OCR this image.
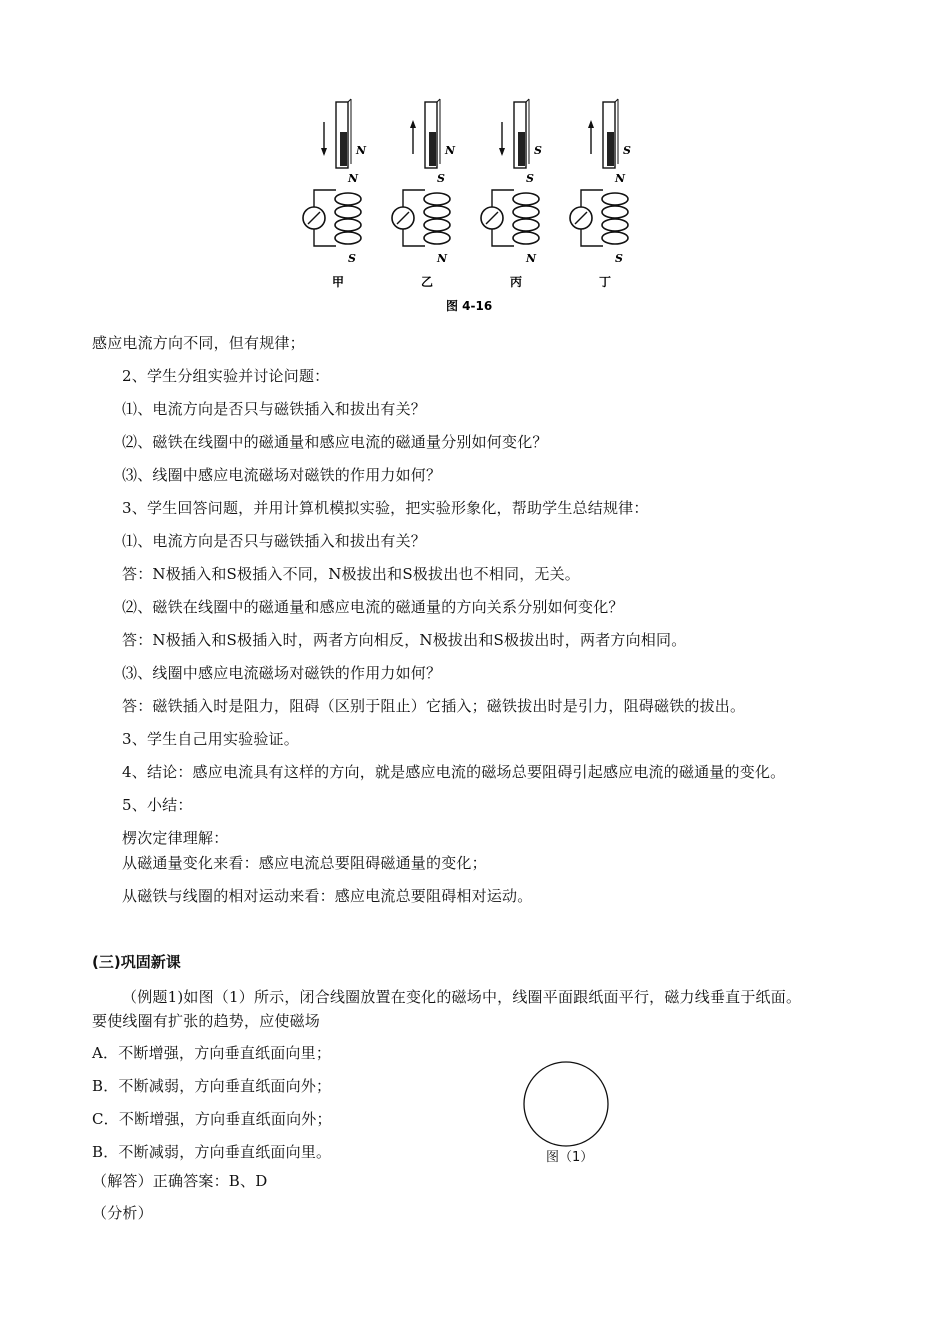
N
N
S
甲
N
S
N
乙
S
S
N
丙
S
N
S
丁
图 4-16
感应电流方向不同，但有规律；
2、学生分组实验并讨论问题：
⑴、电流方向是否只与磁铁插入和拔出有关？
⑵、磁铁在线圈中的磁通量和感应电流的磁通量分别如何变化？
⑶、线圈中感应电流磁场对磁铁的作用力如何？
3、学生回答问题，并用计算机模拟实验，把实验形象化，帮助学生总结规律：
⑴、电流方向是否只与磁铁插入和拔出有关？
答：N极插入和S极插入不同，N极拔出和S极拔出也不相同，无关。
⑵、磁铁在线圈中的磁通量和感应电流的磁通量的方向关系分别如何变化？
答：N极插入和S极插入时，两者方向相反，N极拔出和S极拔出时，两者方向相同。
⑶、线圈中感应电流磁场对磁铁的作用力如何？
答：磁铁插入时是阻力，阻碍（区别于阻止）它插入；磁铁拔出时是引力，阻碍磁铁的拔出。
3、学生自己用实验验证。
4、结论：感应电流具有这样的方向，就是感应电流的磁场总要阻碍引起感应电流的磁通量的变化。
5、小结：
楞次定律理解：
从磁通量变化来看：感应电流总要阻碍磁通量的变化；
从磁铁与线圈的相对运动来看：感应电流总要阻碍相对运动。
(三)巩固新课
（例题1)如图（1）所示，闭合线圈放置在变化的磁场中，线圈平面跟纸面平行，磁力线垂直于纸面。
要使线圈有扩张的趋势，应使磁场
A．不断增强，方向垂直纸面向里；
B．不断减弱，方向垂直纸面向外；
C．不断增强，方向垂直纸面向外；
B．不断减弱，方向垂直纸面向里。
（解答）正确答案：B、D
（分析）
图（1）
